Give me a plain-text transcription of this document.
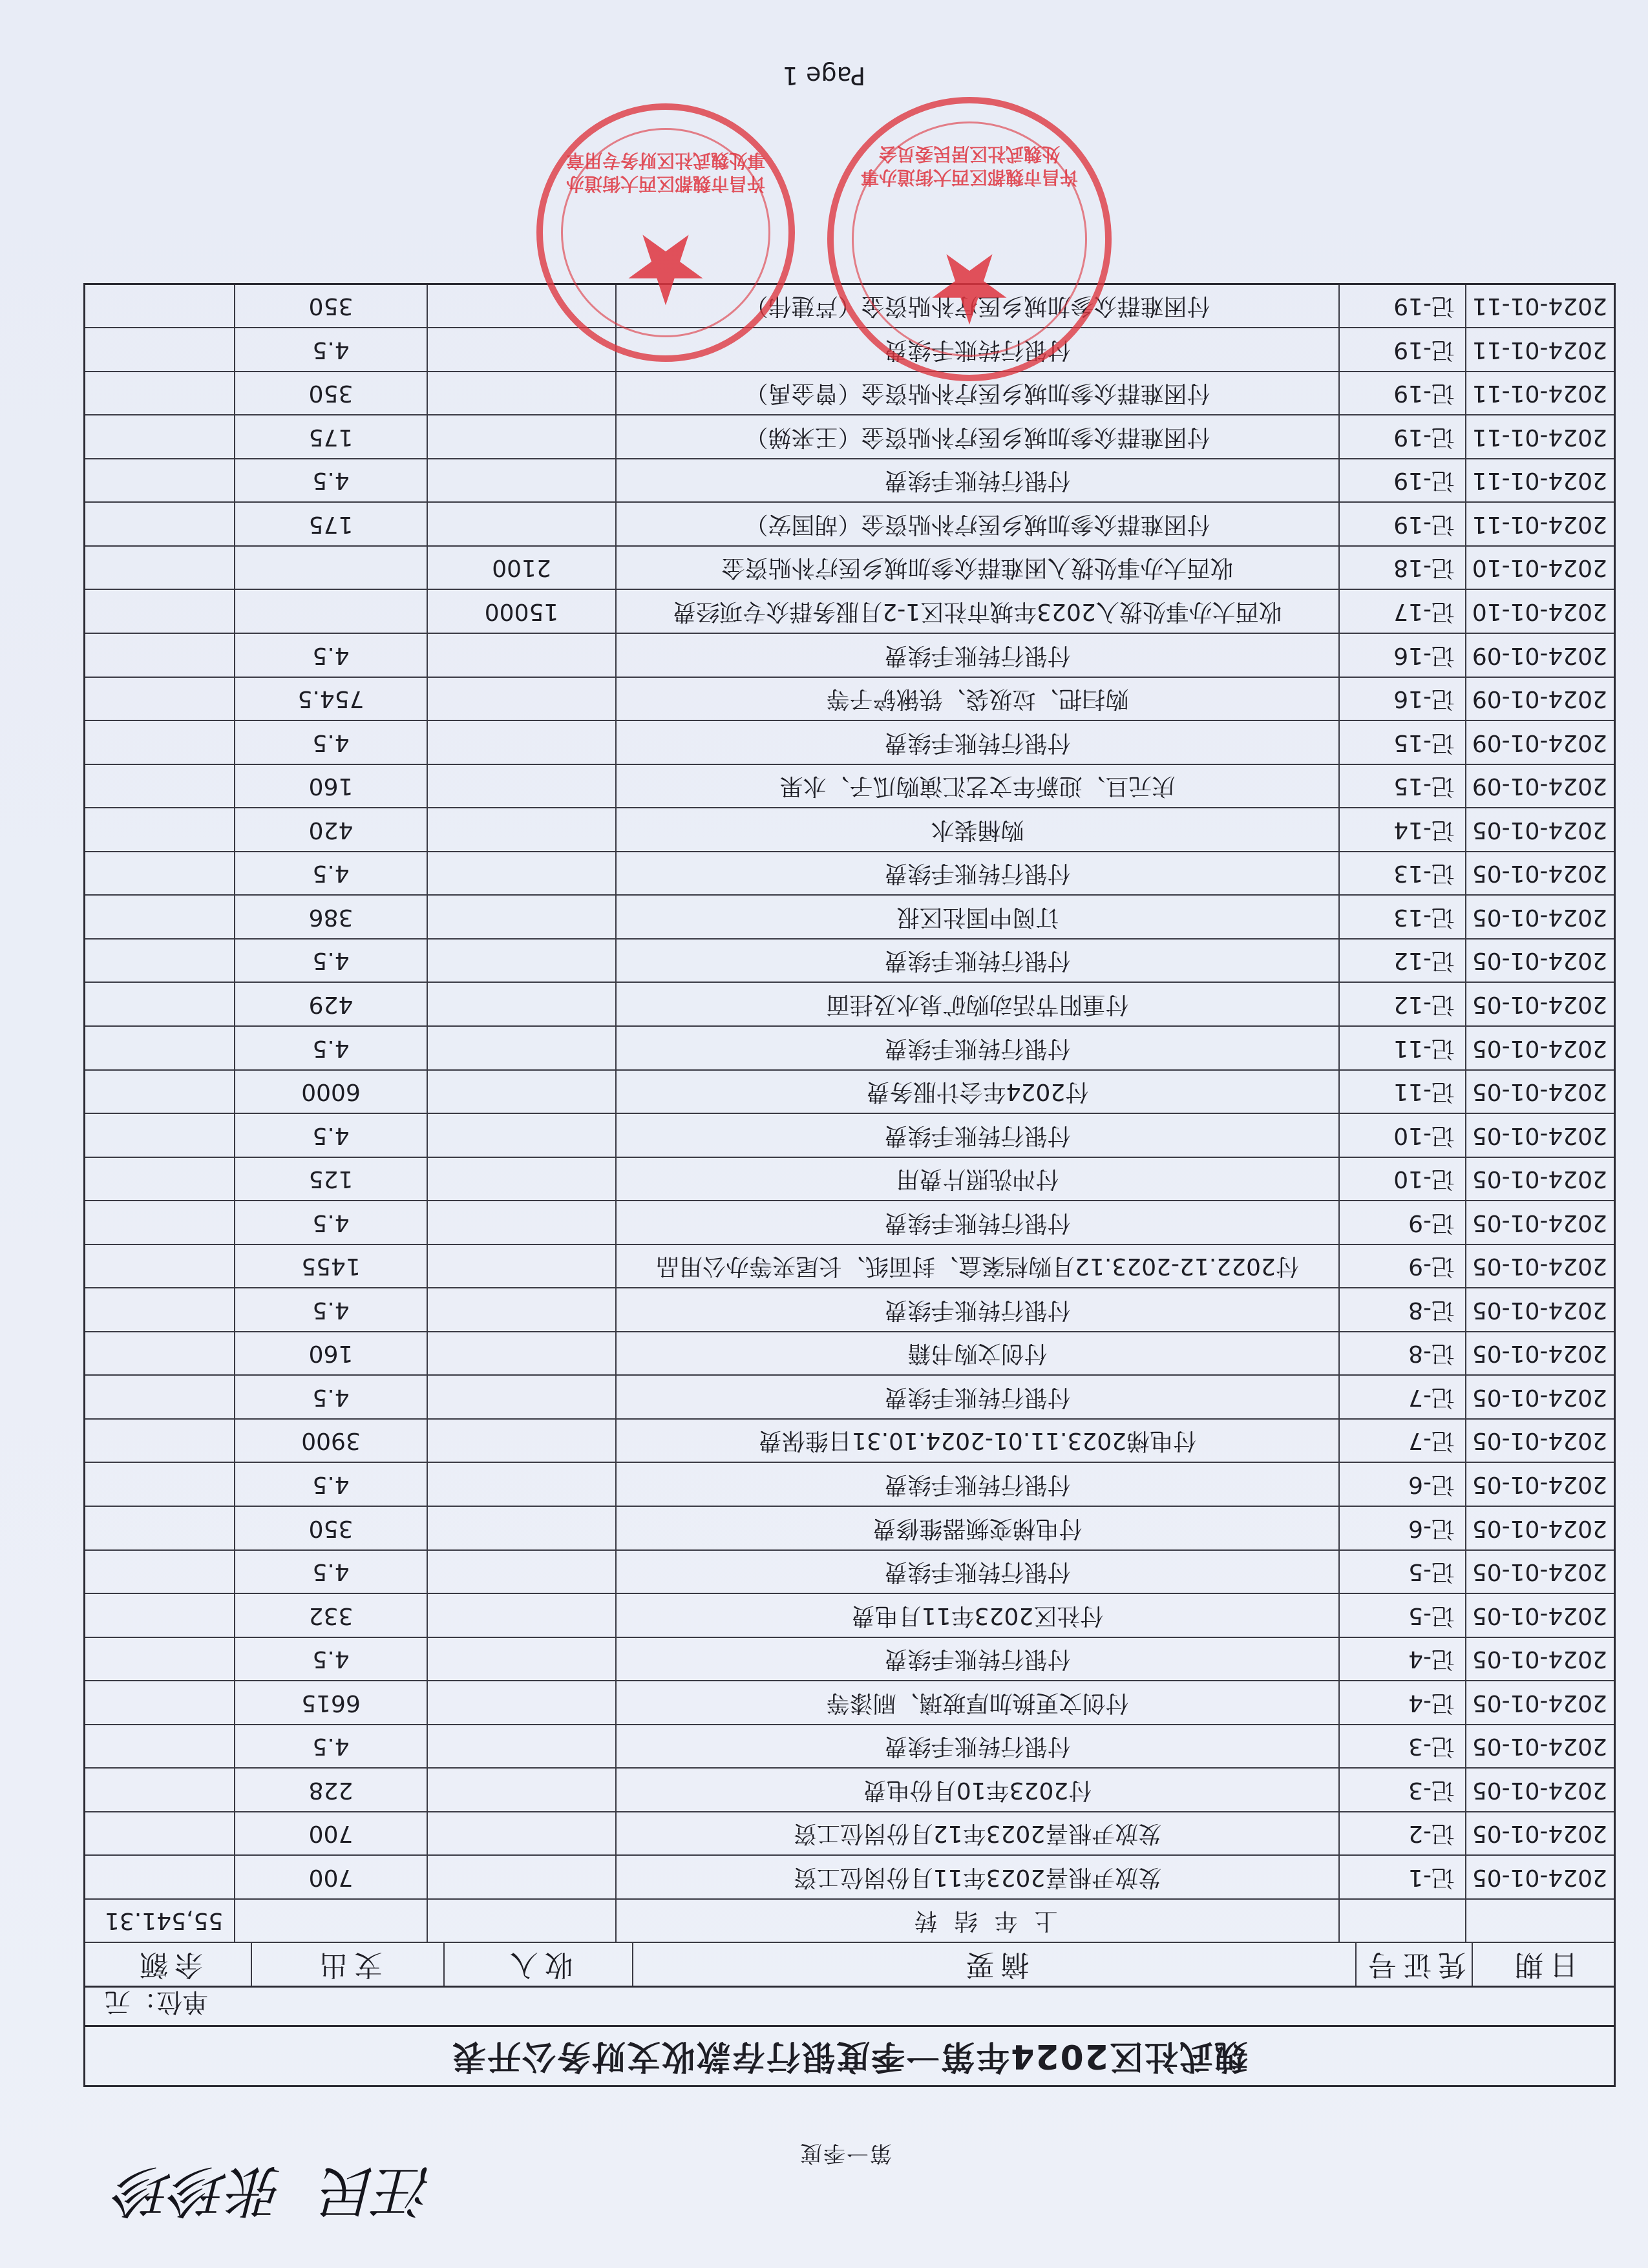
第一季度
张珍珍 汪民
魏武社区2024年第一季度银行存款收支财务公开表
单位：元
日期
凭证号
摘要
收入
支出
余额
上年结转
55,541.31
2024-01-05
记-1
发放尹根喜2023年11月份岗位工资
700
2024-01-05
记-2
发放尹根喜2023年12月份岗位工资
700
2024-01-05
记-3
付2023年10月份电费
228
2024-01-05
记-3
付银行转账手续费
4.5
2024-01-05
记-4
付创文更换加厚玻璃、刷漆等
6615
2024-01-05
记-4
付银行转账手续费
4.5
2024-01-05
记-5
付社区2023年11月电费
332
2024-01-05
记-5
付银行转账手续费
4.5
2024-01-05
记-6
付电梯变频器维修费
350
2024-01-05
记-6
付银行转账手续费
4.5
2024-01-05
记-7
付电梯2023.11.01-2024.10.31日维保费
3900
2024-01-05
记-7
付银行转账手续费
4.5
2024-01-05
记-8
付创文购书籍
160
2024-01-05
记-8
付银行转账手续费
4.5
2024-01-05
记-9
付2022.12-2023.12月购档案盒、封面纸、长尾夹等办公用品
1455
2024-01-05
记-9
付银行转账手续费
4.5
2024-01-05
记-10
付冲洗照片费用
125
2024-01-05
记-10
付银行转账手续费
4.5
2024-01-05
记-11
付2024年会计服务费
6000
2024-01-05
记-11
付银行转账手续费
4.5
2024-01-05
记-12
付重阳节活动购矿泉水及挂面
429
2024-01-05
记-12
付银行转账手续费
4.5
2024-01-05
记-13
订阅中国社区报
386
2024-01-05
记-13
付银行转账手续费
4.5
2024-01-05
记-14
购桶装水
420
2024-01-09
记-15
庆元旦、迎新年文艺汇演购瓜子、水果
160
2024-01-09
记-15
付银行转账手续费
4.5
2024-01-09
记-16
购扫把、垃圾袋、铁锹铲子等
754.5
2024-01-09
记-16
付银行转账手续费
4.5
2024-01-10
记-17
收西大办事处拨入2023年城市社区1-2月服务群众专项经费
15000
2024-01-10
记-18
收西大办事处拨入困难群众参加城乡医疗补贴资金
2100
2024-01-11
记-19
付困难群众参加城乡医疗补贴资金（胡国安）
175
2024-01-11
记-19
付银行转账手续费
4.5
2024-01-11
记-19
付困难群众参加城乡医疗补贴资金（王来娣）
175
2024-01-11
记-19
付困难群众参加城乡医疗补贴资金（曾金禹）
350
2024-01-11
记-19
付银行转账手续费
4.5
2024-01-11
记-19
付困难群众参加城乡医疗补贴资金（芦建伟）
350	★
许昌市魏都区西大街道办事处魏武社区居民委员会
★
许昌市魏都区西大街道办事处魏武社区财务专用章
Page 1
